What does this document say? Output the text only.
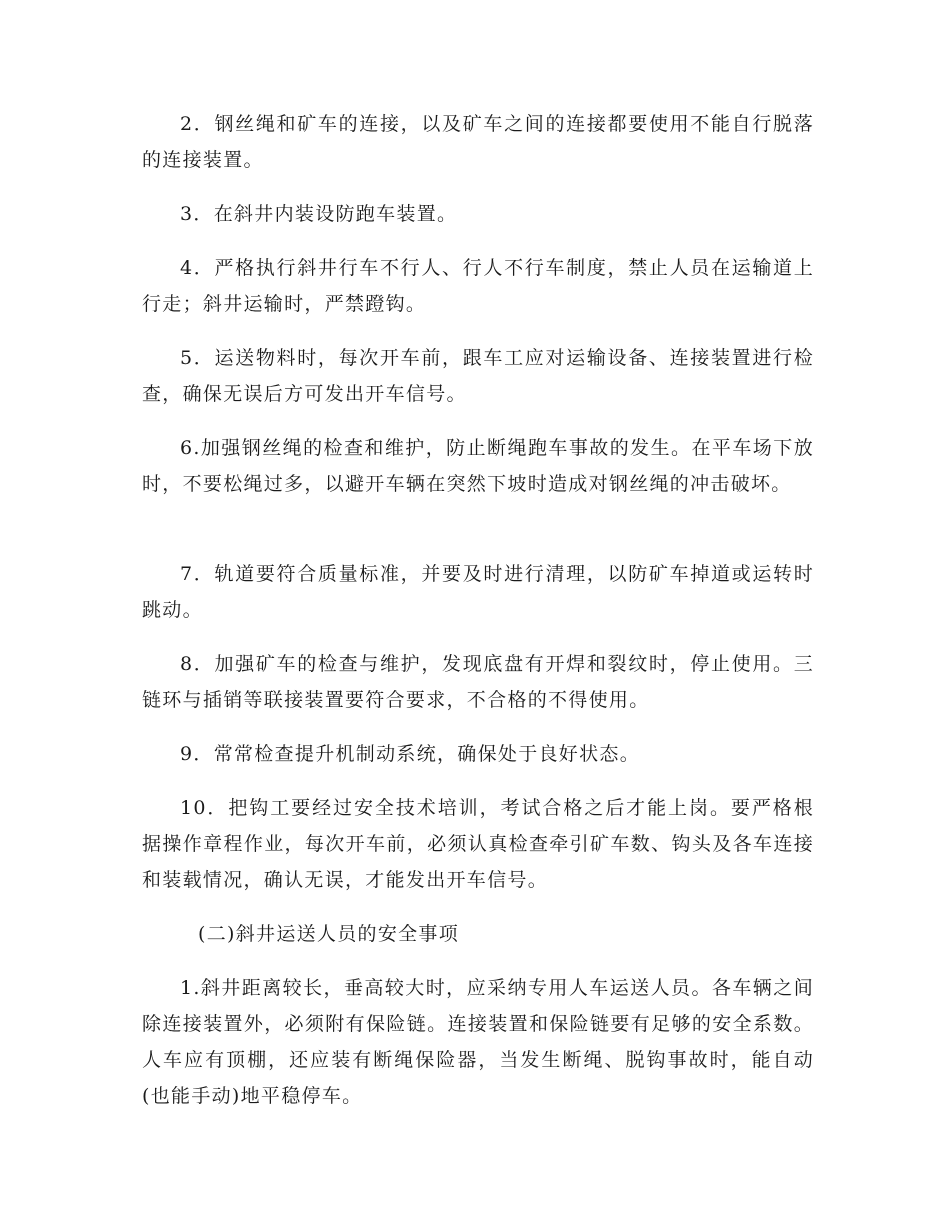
2．钢丝绳和矿车的连接，以及矿车之间的连接都要使用不能自行脱落的连接装置。

3．在斜井内装设防跑车装置。

4．严格执行斜井行车不行人、行人不行车制度，禁止人员在运输道上行走；斜井运输时，严禁蹬钩。

5．运送物料时，每次开车前，跟车工应对运输设备、连接装置进行检查，确保无误后方可发出开车信号。

6.加强钢丝绳的检查和维护，防止断绳跑车事故的发生。在平车场下放时，不要松绳过多，以避开车辆在突然下坡时造成对钢丝绳的冲击破坏。

7．轨道要符合质量标准，并要及时进行清理，以防矿车掉道或运转时跳动。

8．加强矿车的检查与维护，发现底盘有开焊和裂纹时，停止使用。三链环与插销等联接装置要符合要求，不合格的不得使用。

9．常常检查提升机制动系统，确保处于良好状态。

10．把钩工要经过安全技术培训，考试合格之后才能上岗。要严格根据操作章程作业，每次开车前，必须认真检查牵引矿车数、钩头及各车连接和装载情况，确认无误，才能发出开车信号。

(二)斜井运送人员的安全事项

1.斜井距离较长，垂高较大时，应采纳专用人车运送人员。各车辆之间除连接装置外，必须附有保险链。连接装置和保险链要有足够的安全系数。人车应有顶棚，还应装有断绳保险器，当发生断绳、脱钩事故时，能自动(也能手动)地平稳停车。
